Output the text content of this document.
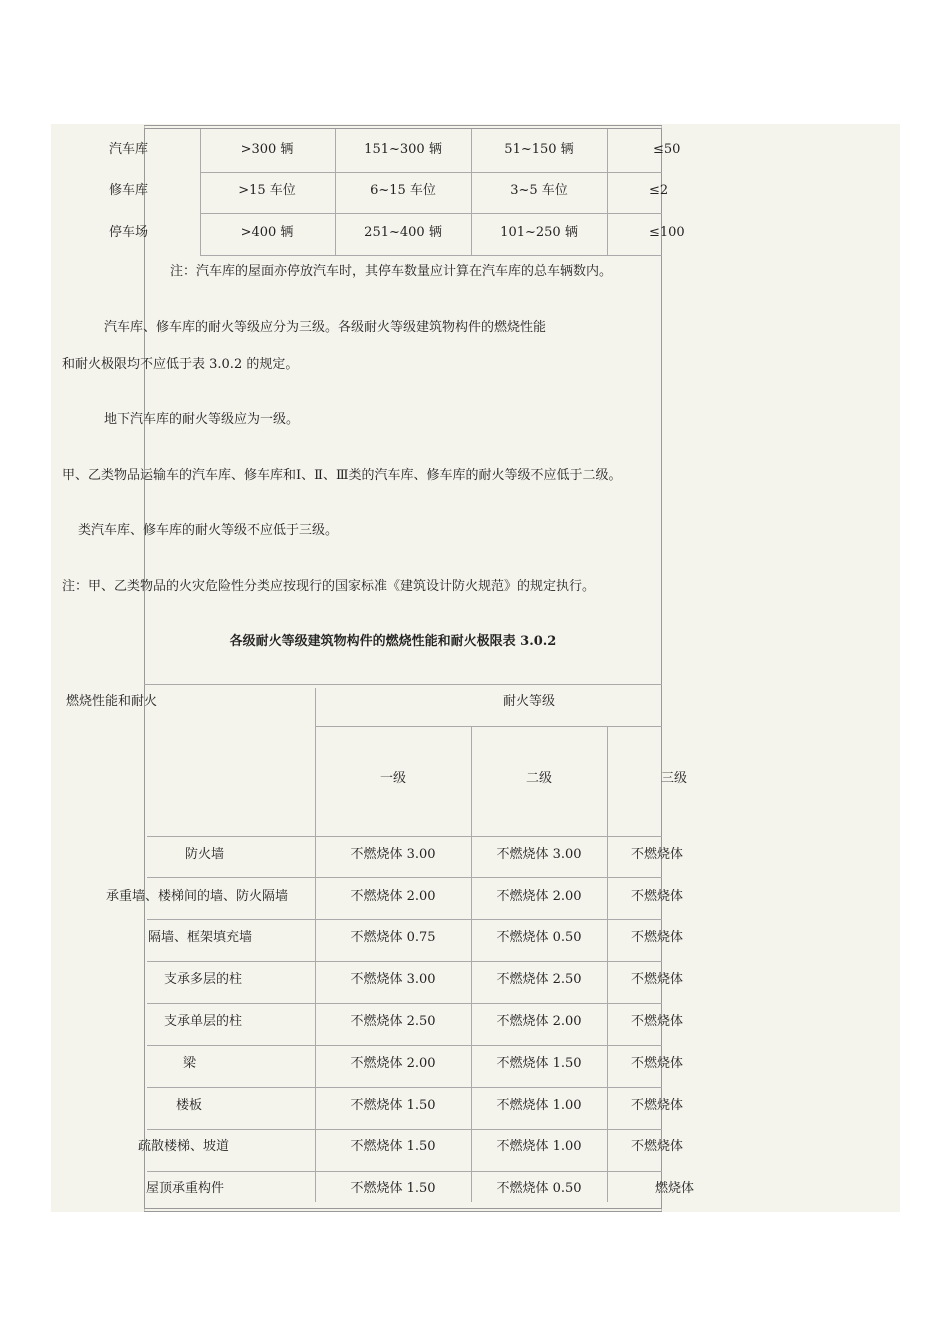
汽车库	>300 辆	151~300 辆	51~150 辆	≤50
修车库	>15 车位	6~15 车位	3~5 车位	≤2
停车场	>400 辆	251~400 辆	101~250 辆	≤100
注：汽车库的屋面亦停放汽车时，其停车数量应计算在汽车库的总车辆数内。
汽车库、修车库的耐火等级应分为三级。各级耐火等级建筑物构件的燃烧性能
和耐火极限均不应低于表 3.0.2 的规定。
地下汽车库的耐火等级应为一级。
甲、乙类物品运输车的汽车库、修车库和Ⅰ、Ⅱ、Ⅲ类的汽车库、修车库的耐火等级不应低于二级。
类汽车库、修车库的耐火等级不应低于三级。
注：甲、乙类物品的火灾危险性分类应按现行的国家标准《建筑设计防火规范》的规定执行。
各级耐火等级建筑物构件的燃烧性能和耐火极限表 3.0.2
燃烧性能和耐火	耐火等级
一级	二级	三级
防火墙	不燃烧体 3.00	不燃烧体 3.00	不燃烧体
承重墙、楼梯间的墙、防火隔墙	不燃烧体 2.00	不燃烧体 2.00	不燃烧体
隔墙、框架填充墙	不燃烧体 0.75	不燃烧体 0.50	不燃烧体
支承多层的柱	不燃烧体 3.00	不燃烧体 2.50	不燃烧体
支承单层的柱	不燃烧体 2.50	不燃烧体 2.00	不燃烧体
梁	不燃烧体 2.00	不燃烧体 1.50	不燃烧体
楼板	不燃烧体 1.50	不燃烧体 1.00	不燃烧体
疏散楼梯、坡道	不燃烧体 1.50	不燃烧体 1.00	不燃烧体
屋顶承重构件	不燃烧体 1.50	不燃烧体 0.50	燃烧体
